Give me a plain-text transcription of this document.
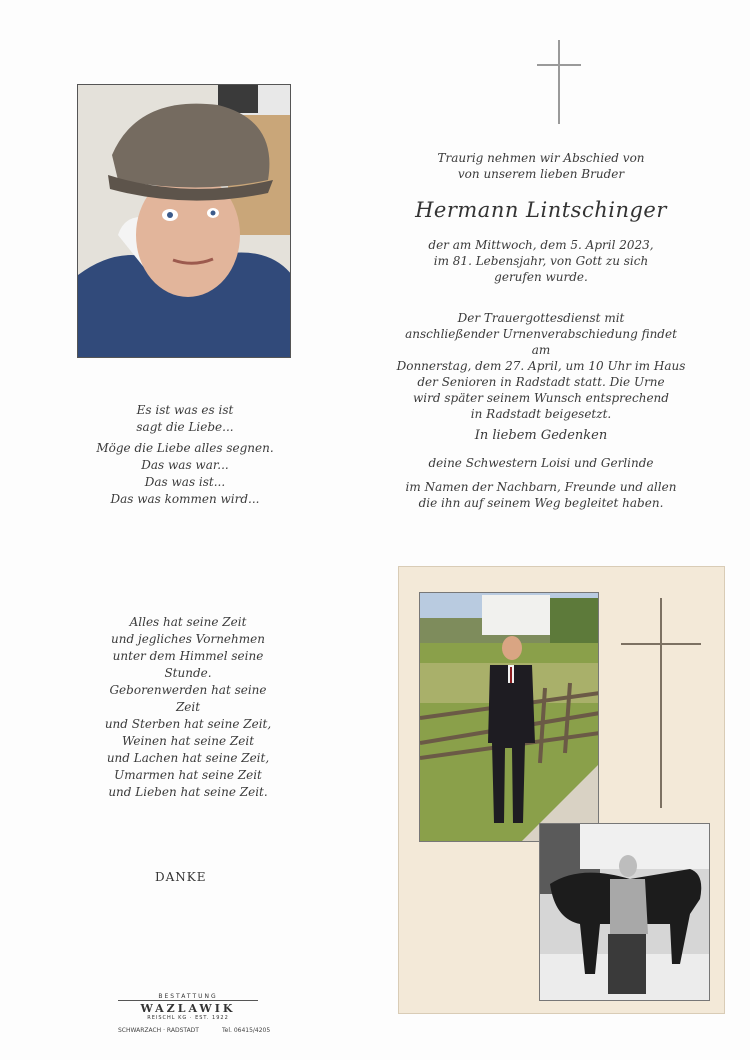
Traurig nehmen wir Abschied von

von unserem lieben Bruder

Hermann Lintschinger

der am Mittwoch, dem 5. April 2023,

im 81. Lebensjahr, von Gott zu sich

gerufen wurde.

Der Trauergottesdienst mit

anschließender Urnenverabschiedung findet am

Donnerstag, dem 27. April, um 10 Uhr im Haus

der Senioren in Radstadt statt. Die Urne

wird später seinem Wunsch entsprechend

in Radstadt beigesetzt.

In liebem Gedenken
deine Schwestern Loisi und Gerlinde

im Namen der Nachbarn, Freunde und allen

die ihn auf seinem Weg begleitet haben.

Es ist was es ist

sagt die Liebe...

Möge die Liebe alles segnen.

Das was war...

Das was ist...

Das was kommen wird...

Alles hat seine Zeit

und jegliches Vornehmen

unter dem Himmel seine

Stunde.

Geborenwerden hat seine

Zeit

und Sterben hat seine Zeit,

Weinen hat seine Zeit

und Lachen hat seine Zeit,

Umarmen hat seine Zeit

und Lieben hat seine Zeit.

DANKE
BESTATTUNG
WAZLAWIK
REISCHL KG · EST. 1922
SCHWARZACH · RADSTADT	Tel. 06415/4205
